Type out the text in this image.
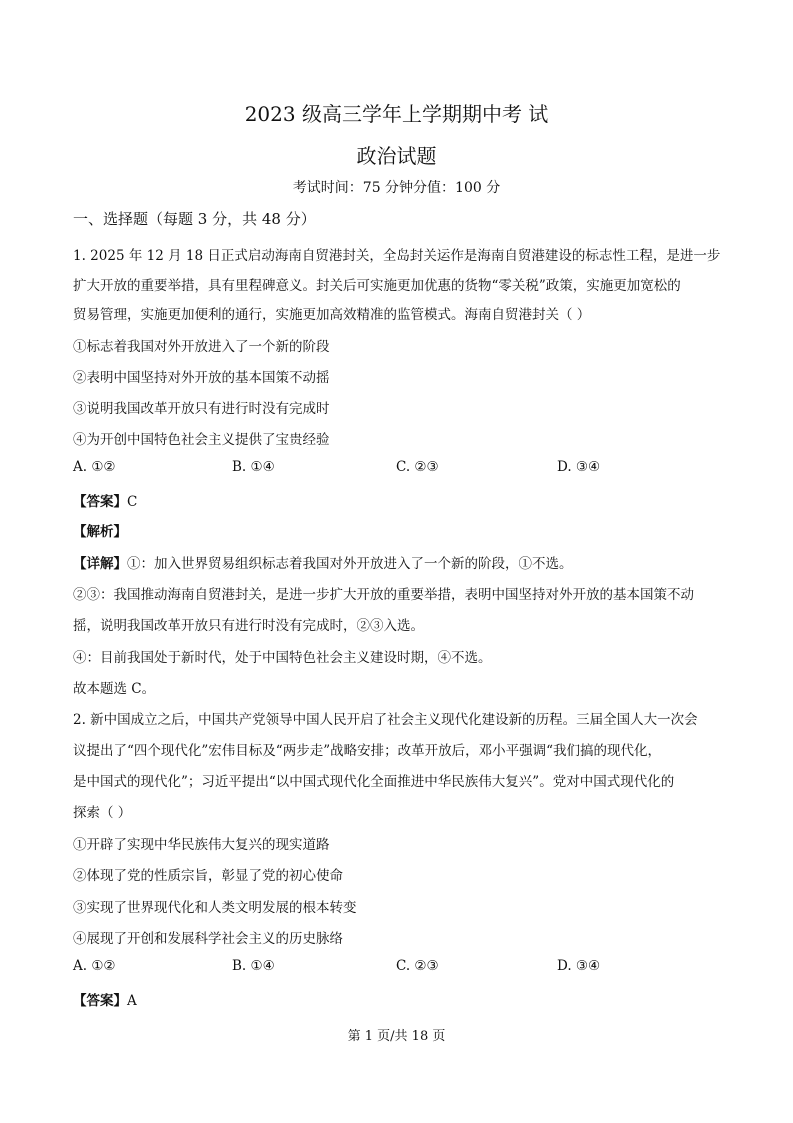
2023 级高三学年上学期期中考 试
政治试题
考试时间：75 分钟分值：100 分
一、选择题（每题 3 分，共 48 分）
1. 2025 年 12 月 18 日正式启动海南自贸港封关，全岛封关运作是海南自贸港建设的标志性工程，是进一步
扩大开放的重要举措，具有里程碑意义。封关后可实施更加优惠的货物“零关税”政策，实施更加宽松的
贸易管理，实施更加便利的通行，实施更加高效精准的监管模式。海南自贸港封关（ ）
①标志着我国对外开放进入了一个新的阶段
②表明中国坚持对外开放的基本国策不动摇
③说明我国改革开放只有进行时没有完成时
④为开创中国特色社会主义提供了宝贵经验
A. ①②	B. ①④	C. ②③	D. ③④
【答案】C
【解析】
【详解】①：加入世界贸易组织标志着我国对外开放进入了一个新的阶段，①不选。
②③：我国推动海南自贸港封关，是进一步扩大开放的重要举措，表明中国坚持对外开放的基本国策不动
摇，说明我国改革开放只有进行时没有完成时，②③入选。
④：目前我国处于新时代，处于中国特色社会主义建设时期，④不选。
故本题选 C。
2. 新中国成立之后，中国共产党领导中国人民开启了社会主义现代化建设新的历程。三届全国人大一次会
议提出了“四个现代化”宏伟目标及“两步走”战略安排；改革开放后，邓小平强调“我们搞的现代化，
是中国式的现代化”；习近平提出“以中国式现代化全面推进中华民族伟大复兴”。党对中国式现代化的
探索（ ）
①开辟了实现中华民族伟大复兴的现实道路
②体现了党的性质宗旨，彰显了党的初心使命
③实现了世界现代化和人类文明发展的根本转变
④展现了开创和发展科学社会主义的历史脉络
A. ①②	B. ①④	C. ②③	D. ③④
【答案】A
第 1 页/共 18 页
